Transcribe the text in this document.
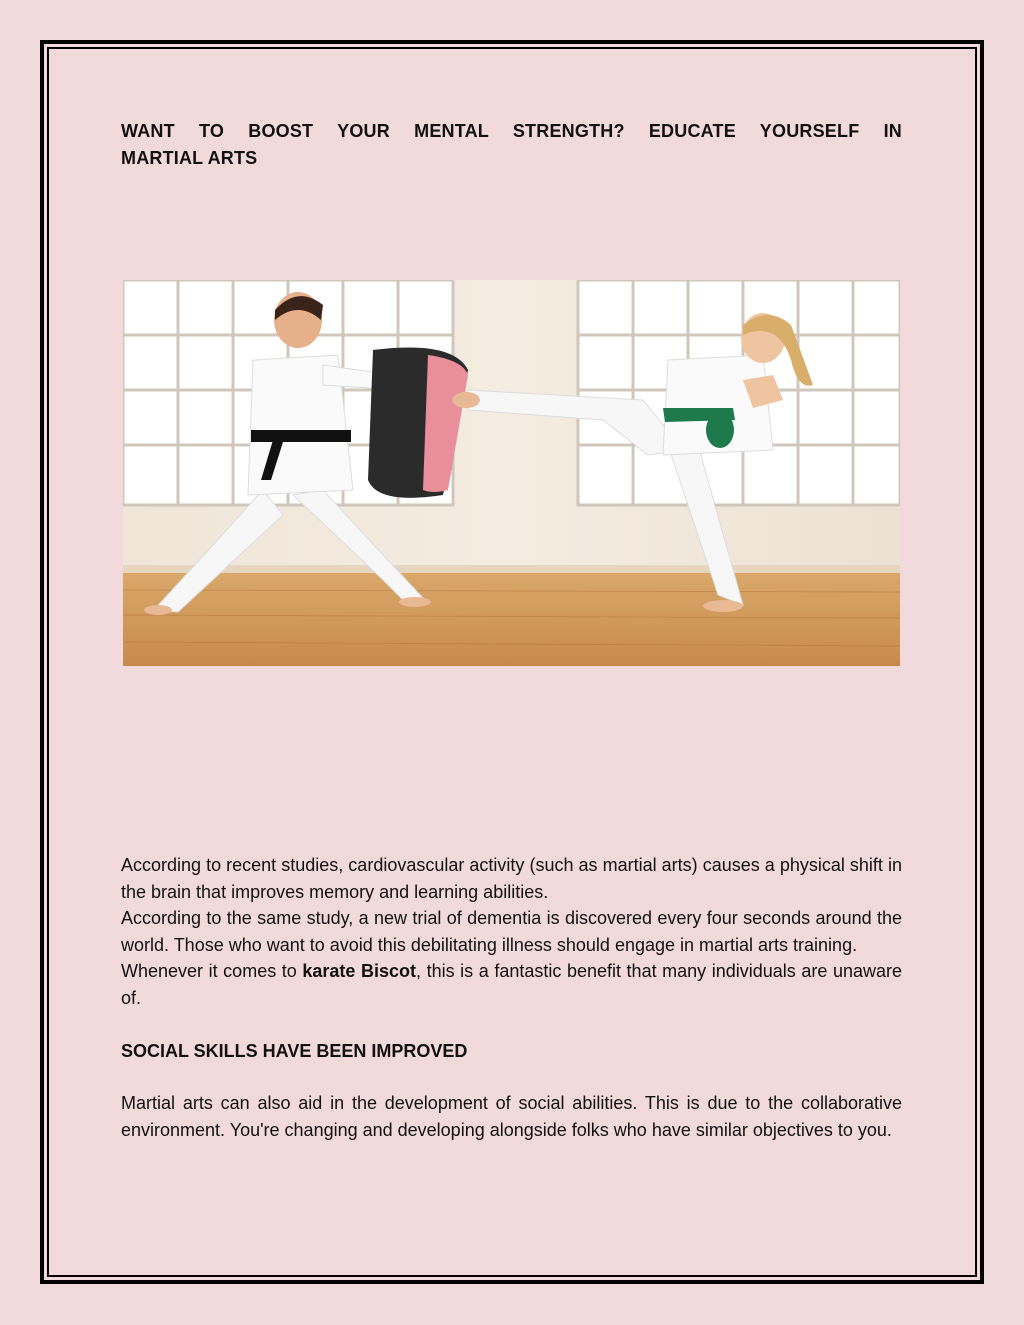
WANT TO BOOST YOUR MENTAL STRENGTH? EDUCATE YOURSELF IN
MARTIAL ARTS

According to recent studies, cardiovascular activity (such as martial arts) causes a physical shift in the brain that improves memory and learning abilities.

According to the same study, a new trial of dementia is discovered every four seconds around the world. Those who want to avoid this debilitating illness should engage in martial arts training.

Whenever it comes to karate Biscot, this is a fantastic benefit that many individuals are unaware of.

SOCIAL SKILLS HAVE BEEN IMPROVED

Martial arts can also aid in the development of social abilities. This is due to the collaborative environment. You're changing and developing alongside folks who have similar objectives to you.
